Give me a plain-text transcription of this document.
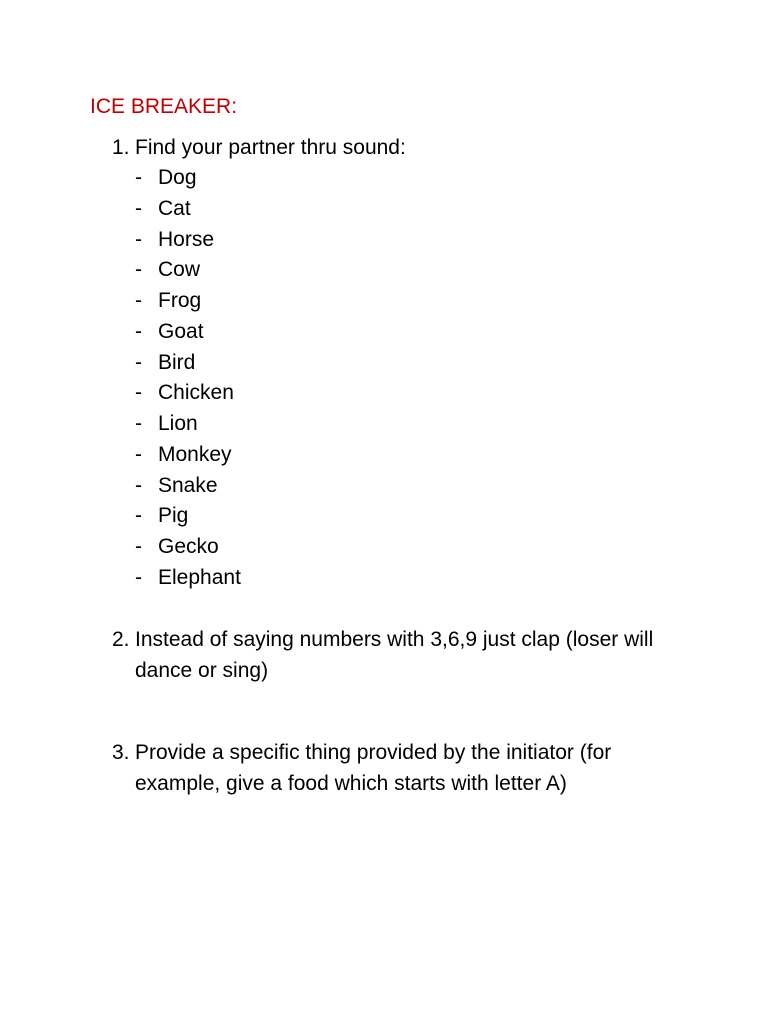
ICE BREAKER:
1. Find your partner thru sound:
- Dog
- Cat
- Horse
- Cow
- Frog
- Goat
- Bird
- Chicken
- Lion
- Monkey
- Snake
- Pig
- Gecko
- Elephant
2. Instead of saying numbers with 3,6,9 just clap (loser will dance or sing)
3. Provide a specific thing provided by the initiator (for example, give a food which starts with letter A)
